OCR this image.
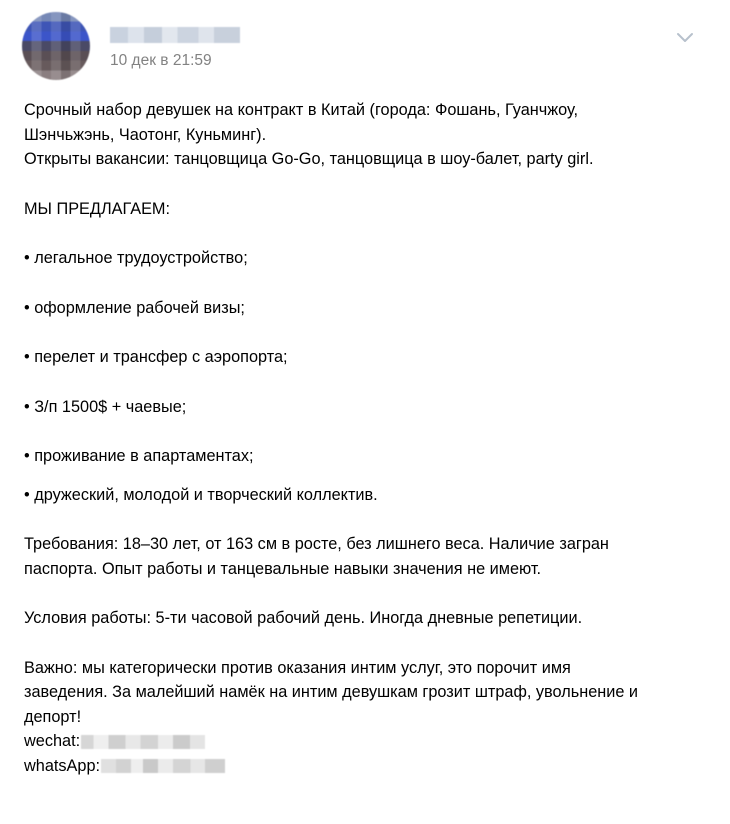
10 дек в 21:59

Срочный набор девушек на контракт в Китай (города: Фошань, Гуанчжоу,

Шэнчьжэнь, Чаотонг, Куньминг).

Открыты вакансии: танцовщица Go-Go, танцовщица в шоу-балет, party girl.

МЫ ПРЕДЛАГАЕМ:

• легальное трудоустройство;

• оформление рабочей визы;

• перелет и трансфер с аэропорта;

• З/п 1500$ + чаевые;

• проживание в апартаментах;

• дружеский, молодой и творческий коллектив.

Требования: 18–30 лет, от 163 см в росте, без лишнего веса. Наличие загран

паспорта. Опыт работы и танцевальные навыки значения не имеют.

Условия работы: 5-ти часовой рабочий день. Иногда дневные репетиции.

Важно: мы категорически против оказания интим услуг, это порочит имя

заведения. За малейший намёк на интим девушкам грозит штраф, увольнение и

депорт!

wechat:
whatsApp:
